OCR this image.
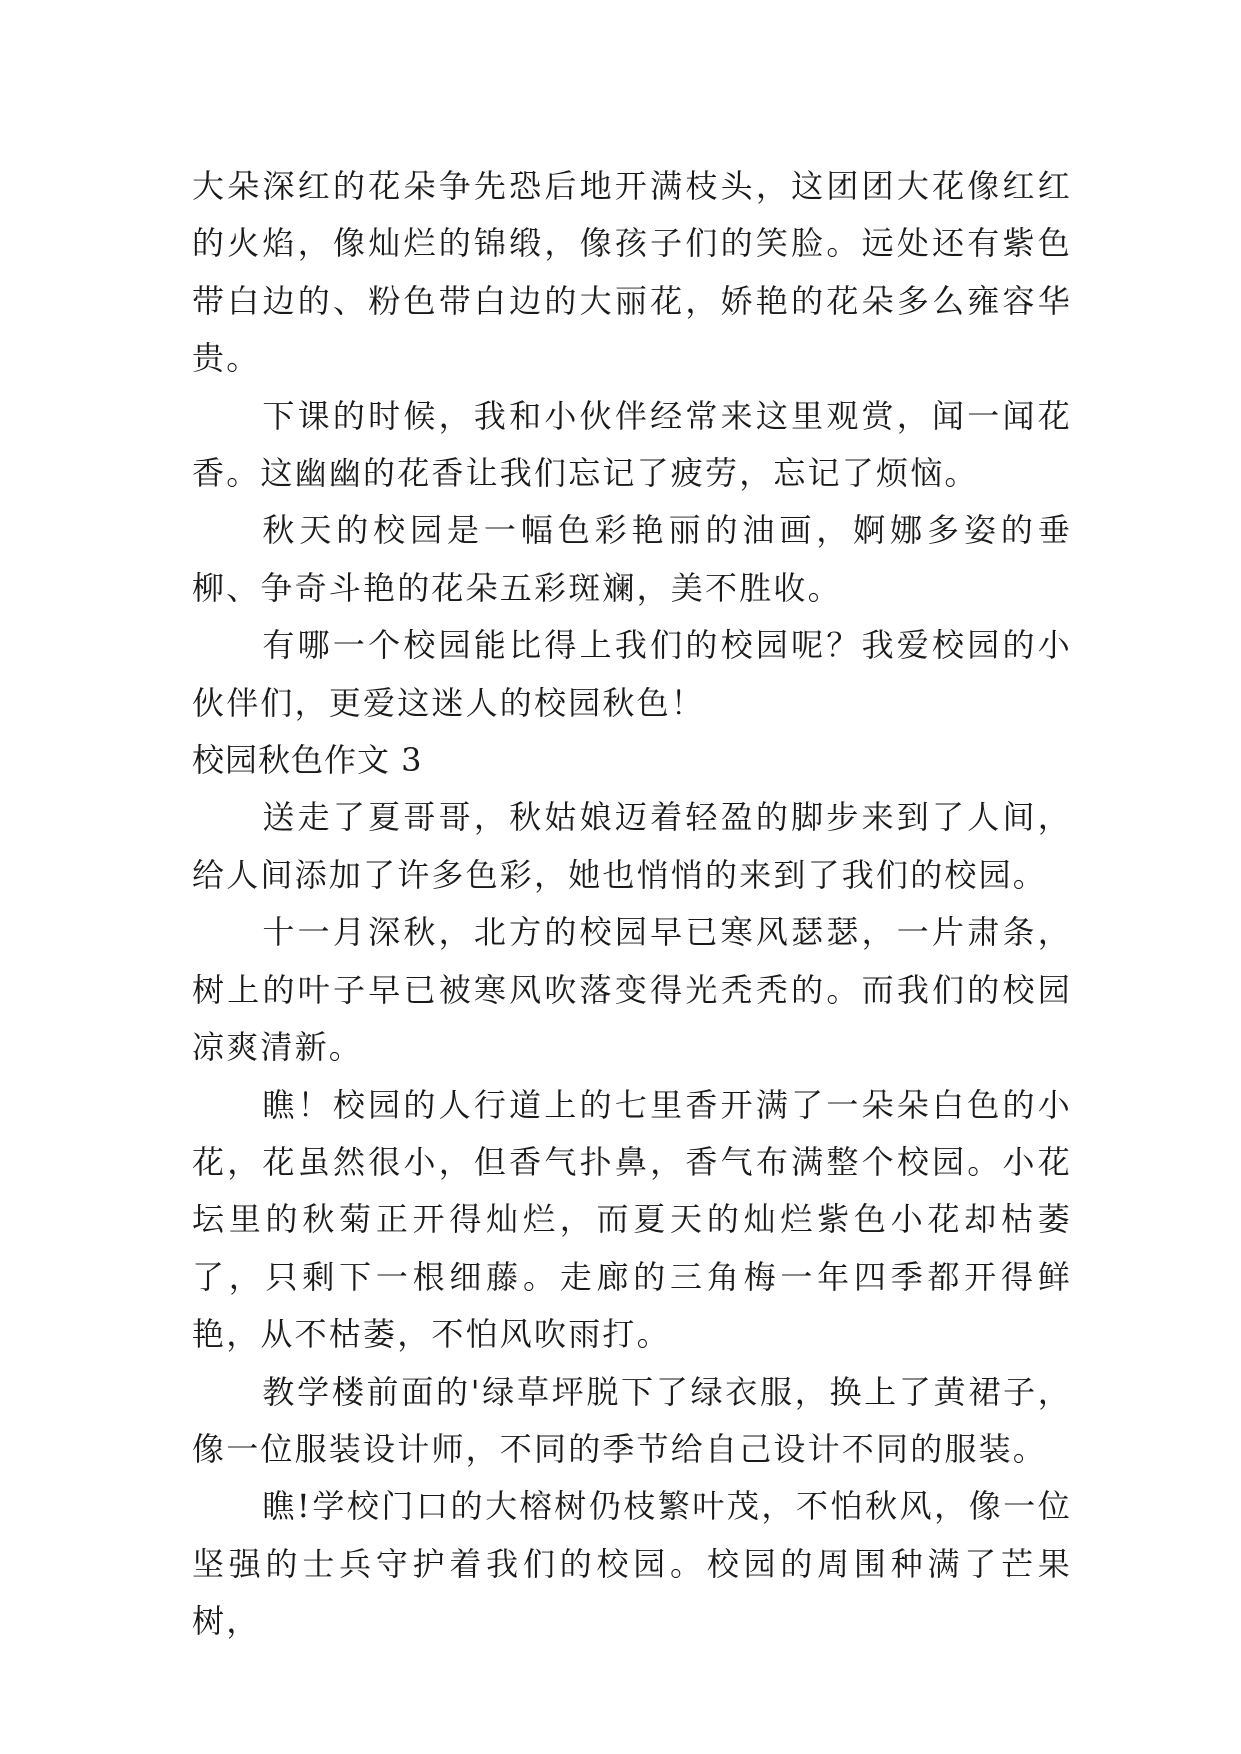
大朵深红的花朵争先恐后地开满枝头，这团团大花像红红的火焰，像灿烂的锦缎，像孩子们的笑脸。远处还有紫色带白边的、粉色带白边的大丽花，娇艳的花朵多么雍容华贵。

下课的时候，我和小伙伴经常来这里观赏，闻一闻花香。这幽幽的花香让我们忘记了疲劳，忘记了烦恼。

秋天的校园是一幅色彩艳丽的油画，婀娜多姿的垂柳、争奇斗艳的花朵五彩斑斓，美不胜收。

有哪一个校园能比得上我们的校园呢？我爱校园的小伙伴们，更爱这迷人的校园秋色！

校园秋色作文 3

送走了夏哥哥，秋姑娘迈着轻盈的脚步来到了人间，给人间添加了许多色彩，她也悄悄的来到了我们的校园。

十一月深秋，北方的校园早已寒风瑟瑟，一片肃条，树上的叶子早已被寒风吹落变得光秃秃的。而我们的校园凉爽清新。

瞧！校园的人行道上的七里香开满了一朵朵白色的小花，花虽然很小，但香气扑鼻，香气布满整个校园。小花坛里的秋菊正开得灿烂，而夏天的灿烂紫色小花却枯萎了，只剩下一根细藤。走廊的三角梅一年四季都开得鲜艳，从不枯萎，不怕风吹雨打。

教学楼前面的'绿草坪脱下了绿衣服，换上了黄裙子，像一位服装设计师，不同的季节给自己设计不同的服装。

瞧!学校门口的大榕树仍枝繁叶茂，不怕秋风，像一位坚强的士兵守护着我们的校园。校园的周围种满了芒果树，
